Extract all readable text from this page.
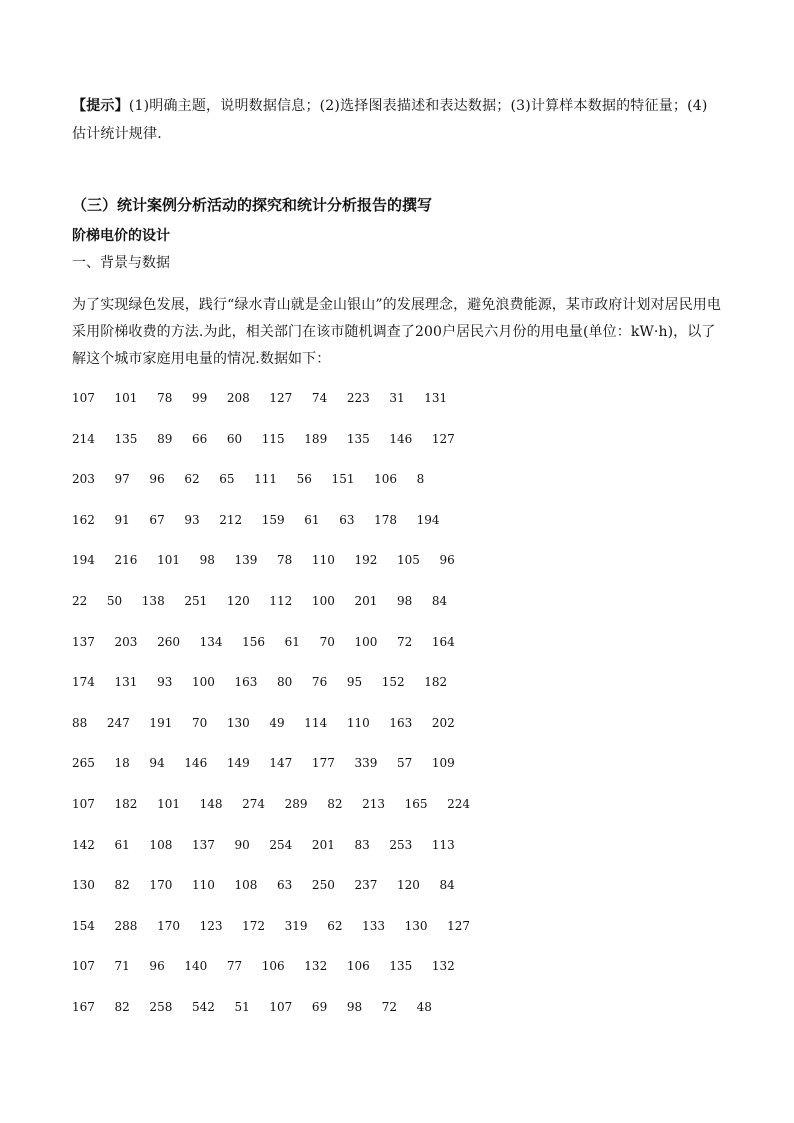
【提示】(1)明确主题，说明数据信息；(2)选择图表描述和表达数据；(3)计算样本数据的特征量；(4)估计统计规律.
（三）统计案例分析活动的探究和统计分析报告的撰写
阶梯电价的设计
一、背景与数据
为了实现绿色发展，践行“绿水青山就是金山银山”的发展理念，避免浪费能源，某市政府计划对居民用电采用阶梯收费的方法.为此，相关部门在该市随机调查了200户居民六月份的用电量(单位：kW·h)，以了解这个城市家庭用电量的情况.数据如下：
107  101  78  99  208  127  74  223  31  131
214  135  89  66  60  115  189  135  146  127
203  97  96  62  65  111  56  151  106  8
162  91  67  93  212  159  61  63  178  194
194  216  101  98  139  78  110  192  105  96
22  50  138  251  120  112  100  201  98  84
137  203  260  134  156  61  70  100  72  164
174  131  93  100  163  80  76  95  152  182
88  247  191  70  130  49  114  110  163  202
265  18  94  146  149  147  177  339  57  109
107  182  101  148  274  289  82  213  165  224
142  61  108  137  90  254  201  83  253  113
130  82  170  110  108  63  250  237  120  84
154  288  170  123  172  319  62  133  130  127
107  71  96  140  77  106  132  106  135  132
167  82  258  542  51  107  69  98  72  48
